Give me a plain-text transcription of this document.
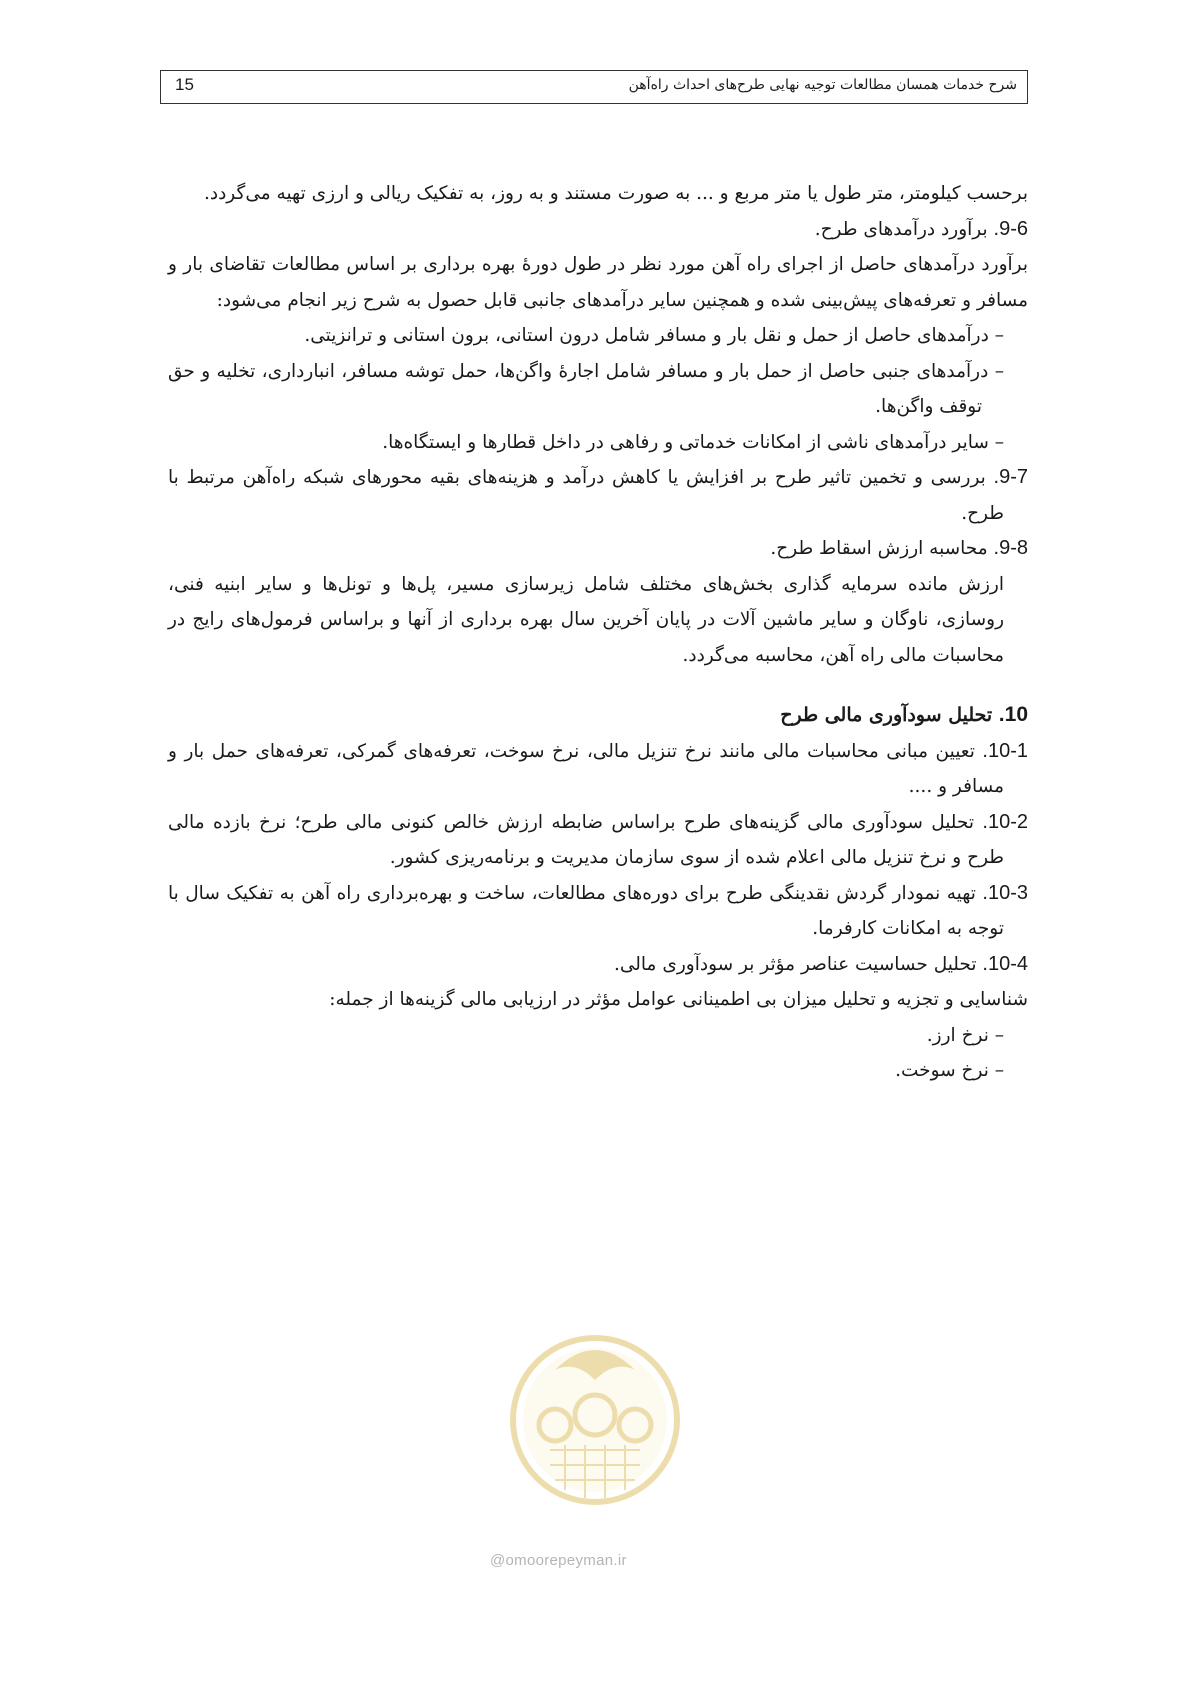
15	شرح خدمات همسان مطالعات توجیه نهایی طرح‌های احداث راه‌آهن

برحسب کیلومتر، متر طول یا متر مربع و ... به صورت مستند و به روز، به تفکیک ریالی و ارزی تهیه می‌گردد.

9-6. برآورد درآمدهای طرح.

برآورد درآمدهای حاصل از اجرای راه آهن مورد نظر در طول دورهٔ بهره برداری بر اساس مطالعات تقاضای بار و مسافر و تعرفه‌های پیش‌بینی شده و همچنین سایر درآمدهای جانبی قابل حصول به شرح زیر انجام می‌شود:

– درآمدهای حاصل از حمل و نقل بار و مسافر شامل درون استانی، برون استانی و ترانزیتی.

– درآمدهای جنبی حاصل از حمل بار و مسافر شامل اجارهٔ واگن‌ها، حمل توشه مسافر، انبارداری، تخلیه و حق توقف واگن‌ها.

– سایر درآمدهای ناشی از امکانات خدماتی و رفاهی در داخل قطارها و ایستگاه‌ها.

9-7. بررسی و تخمین تاثیر طرح بر افزایش یا کاهش درآمد و هزینه‌های بقیه محورهای شبکه راه‌آهن مرتبط با طرح.

9-8. محاسبه ارزش اسقاط طرح.

ارزش مانده سرمایه گذاری بخش‌های مختلف شامل زیرسازی مسیر، پل‌ها و تونل‌ها و سایر ابنیه فنی، روسازی، ناوگان و سایر ماشین آلات در پایان آخرین سال بهره برداری از آنها و براساس فرمول‌های رایج در محاسبات مالی راه آهن، محاسبه می‌گردد.

10. تحلیل سودآوری مالی طرح

10-1. تعیین مبانی محاسبات مالی مانند نرخ تنزیل مالی، نرخ سوخت، تعرفه‌های گمرکی، تعرفه‌های حمل بار و مسافر و ....

10-2. تحلیل سودآوری مالی گزینه‌های طرح براساس ضابطه ارزش خالص کنونی مالی طرح؛ نرخ بازده مالی طرح و نرخ تنزیل مالی اعلام شده از سوی سازمان مدیریت و برنامه‌ریزی کشور.

10-3. تهیه نمودار گردش نقدینگی طرح برای دوره‌های مطالعات، ساخت و بهره‌برداری راه آهن به تفکیک سال با توجه به امکانات کارفرما.

10-4. تحلیل حساسیت عناصر مؤثر بر سودآوری مالی.

شناسایی و تجزیه و تحلیل میزان بی اطمینانی عوامل مؤثر در ارزیابی مالی گزینه‌ها از جمله:

– نرخ ارز.

– نرخ سوخت.

@omoorepeyman.ir
